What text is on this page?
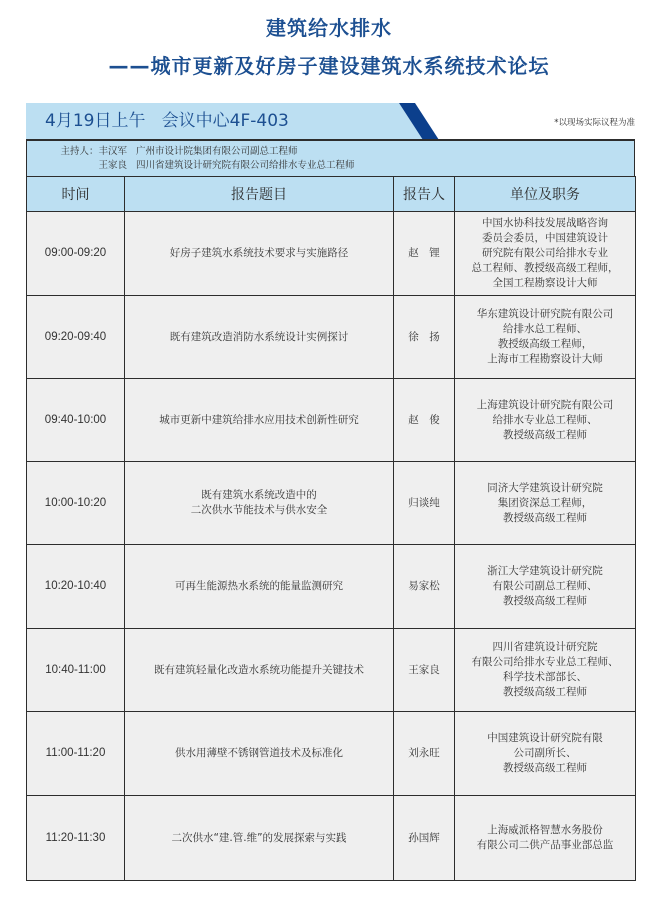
建筑给水排水
——城市更新及好房子建设建筑水系统技术论坛
4月19日上午   会议中心4F-403	*以现场实际议程为准
主持人：丰汉军 广州市设计院集团有限公司副总工程师
王家良 四川省建筑设计研究院有限公司给排水专业总工程师
时间	报告题目	报告人	单位及职务
09:00-09:20	好房子建筑水系统技术要求与实施路径	赵　锂	中国水协科技发展战略咨询
委员会委员，中国建筑设计
研究院有限公司给排水专业
总工程师、教授级高级工程师，
全国工程勘察设计大师
09:20-09:40	既有建筑改造消防水系统设计实例探讨	徐　扬	华东建筑设计研究院有限公司
给排水总工程师、
教授级高级工程师，
上海市工程勘察设计大师
09:40-10:00	城市更新中建筑给排水应用技术创新性研究	赵　俊	上海建筑设计研究院有限公司
给排水专业总工程师、
教授级高级工程师
10:00-10:20	既有建筑水系统改造中的
二次供水节能技术与供水安全	归谈纯	同济大学建筑设计研究院
集团资深总工程师，
教授级高级工程师
10:20-10:40	可再生能源热水系统的能量监测研究	易家松	浙江大学建筑设计研究院
有限公司副总工程师、
教授级高级工程师
10:40-11:00	既有建筑轻量化改造水系统功能提升关键技术	王家良	四川省建筑设计研究院
有限公司给排水专业总工程师、
科学技术部部长、
教授级高级工程师
11:00-11:20	供水用薄壁不锈钢管道技术及标准化	刘永旺	中国建筑设计研究院有限
公司副所长、
教授级高级工程师
11:20-11:30	二次供水“建.管.维”的发展探索与实践	孙国辉	上海威派格智慧水务股份
有限公司二供产品事业部总监
